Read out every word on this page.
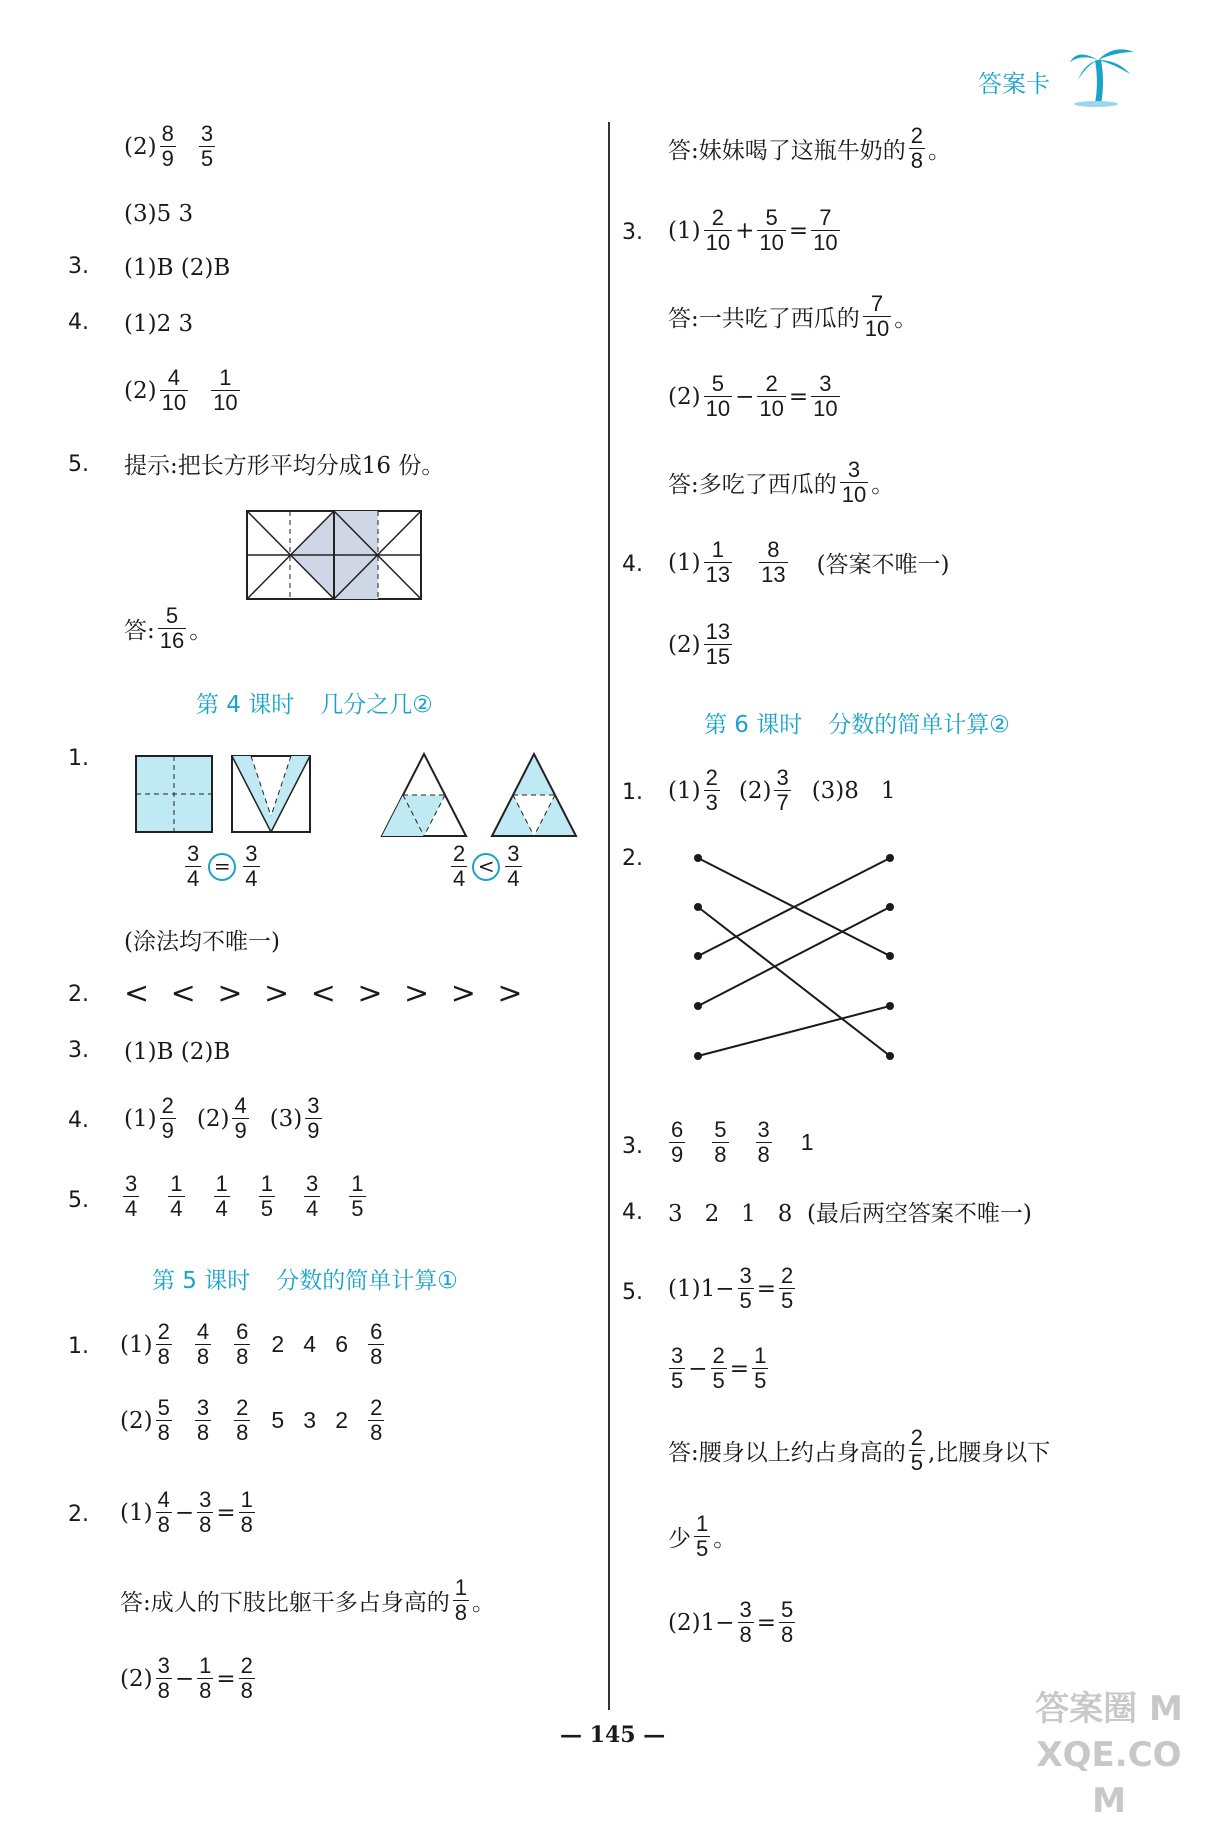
答案卡
$(2) \frac{8}{9} \frac{3}{5}$
(3)5 3
3. (1)B (2)B
4. (1)2 3
$(2) \frac{4}{10} \frac{1}{10}$
5. 提示:把长方形平均分成16 份。
答: $\frac{5}{16}$ 。
第 4 课时 几分之几②
1.
$\frac{3}{4} = \frac{3}{4}$	$\frac{2}{4} < \frac{3}{4}$
(涂法均不唯一)
2. < < > > < > > > >
3. (1)B (2)B
4. $(1) \frac{2}{9} (2) \frac{4}{9} (3) \frac{3}{9}$
5. $\frac{3}{4} \frac{1}{4} \frac{1}{4} \frac{1}{5} \frac{3}{4} \frac{1}{5}$
第 5 课时 分数的简单计算①
1. $(1) \frac{2}{8} \frac{4}{8} \frac{6}{8} 2$   4   $6 \frac{6}{8}$
$(2) \frac{5}{8} \frac{3}{8} \frac{2}{8} 5$   3   $2 \frac{2}{8}$
2. $(1) \frac{4}{8} - \frac{3}{8} = \frac{1}{8}$
答:成人的下肢比躯干多占身高的 $\frac{1}{8}$ 。
$(2) \frac{3}{8} - \frac{1}{8} = \frac{2}{8}$
答:妹妹喝了这瓶牛奶的 $\frac{2}{8}$ 。
3. $(1) \frac{2}{10} + \frac{5}{10} = \frac{7}{10}$
答:一共吃了西瓜的 $\frac{7}{10}$ 。
$(2) \frac{5}{10} - \frac{2}{10} = \frac{3}{10}$
答:多吃了西瓜的 $\frac{3}{10}$ 。
4. $(1) \frac{1}{13} \frac{8}{13}$ (答案不唯一)
$(2) \frac{13}{15}$
第 6 课时 分数的简单计算②
1. $(1) \frac{2}{3} (2) \frac{3}{7} (3)8$   1
2.
3. $\frac{6}{9} \frac{5}{8} \frac{3}{8} 1$
4. 3   2   1   8  (最后两空答案不唯一)
5. $(1)1 - \frac{3}{5} = \frac{2}{5}$
$\frac{3}{5} - \frac{2}{5} = \frac{1}{5}$
答:腰身以上约占身高的 $\frac{2}{5}$ ,比腰身以下
少 $\frac{1}{5}$ 。
$(2)1 - \frac{3}{8} = \frac{5}{8}$
— 145 —
答案圈 MXQE.COM
